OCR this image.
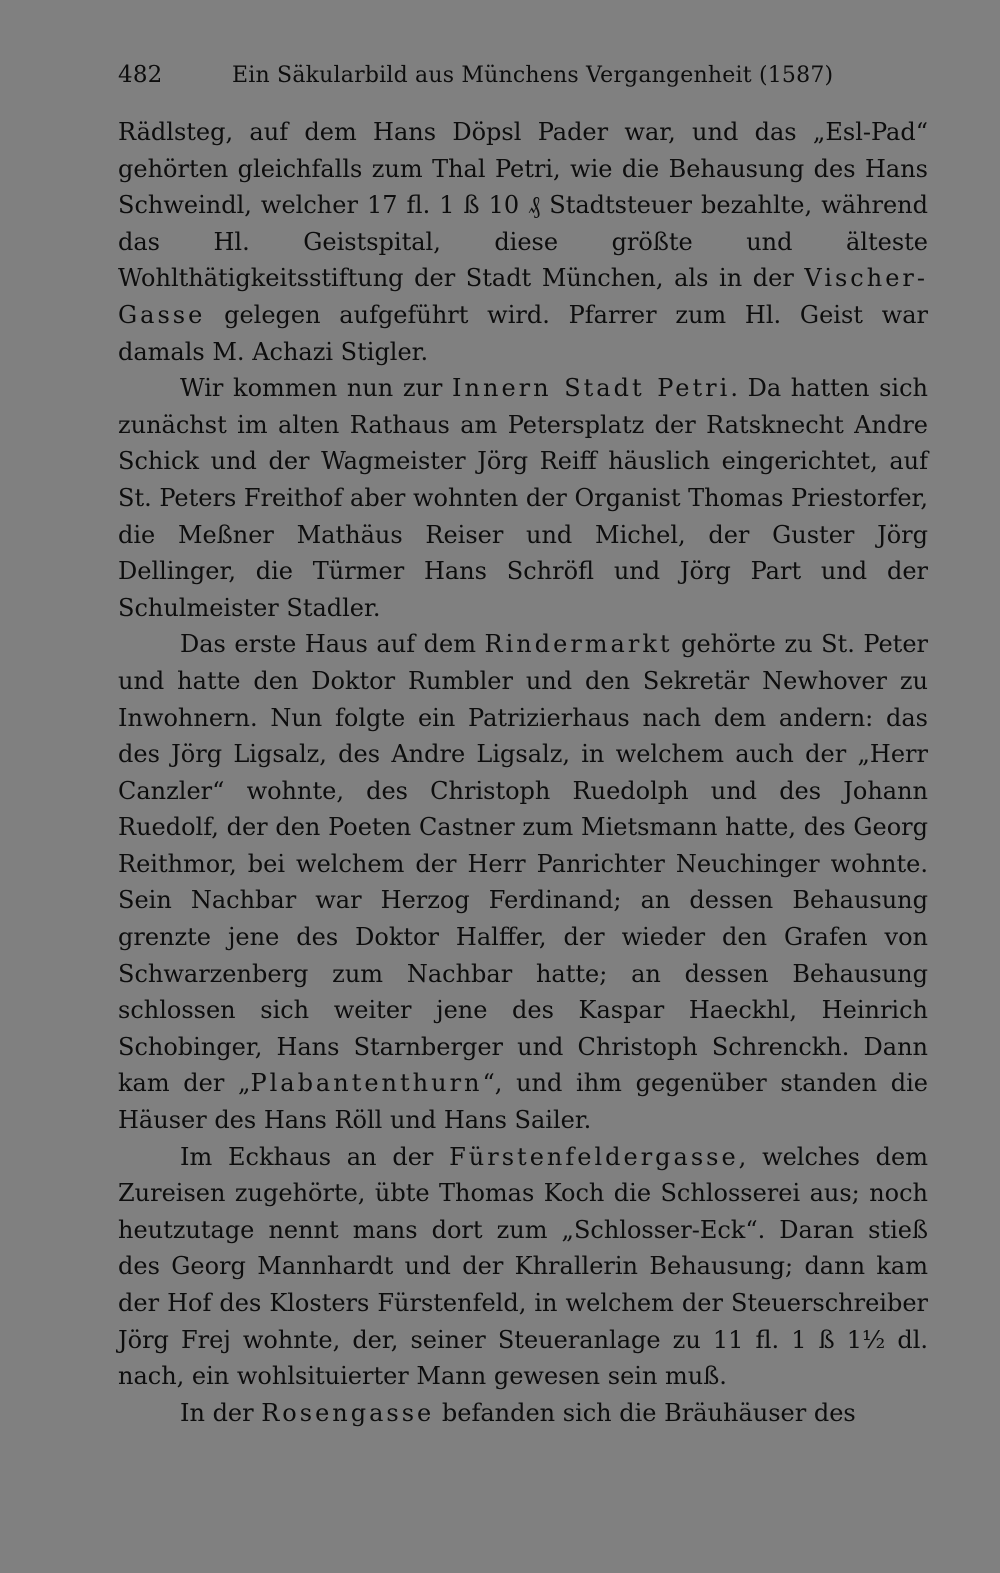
482	Ein Säkularbild aus Münchens Vergangenheit (1587)

Rädlsteg, auf dem Hans Döpsl Pader war, und das „Esl-Pad“ gehörten gleichfalls zum Thal Petri, wie die Behausung des Hans Schweindl, welcher 17 fl. 1 ß 10 ₰ Stadtsteuer bezahlte, während das Hl. Geistspital, diese größte und älteste Wohlthätigkeitsstiftung der Stadt München, als in der Vischer-Gasse gelegen aufgeführt wird. Pfarrer zum Hl. Geist war damals M. Achazi Stigler.

Wir kommen nun zur Innern Stadt Petri. Da hatten sich zunächst im alten Rathaus am Petersplatz der Ratsknecht Andre Schick und der Wagmeister Jörg Reiff häuslich eingerichtet, auf St. Peters Freithof aber wohnten der Organist Thomas Priestorfer, die Meßner Mathäus Reiser und Michel, der Guster Jörg Dellinger, die Türmer Hans Schröfl und Jörg Part und der Schulmeister Stadler.

Das erste Haus auf dem Rindermarkt gehörte zu St. Peter und hatte den Doktor Rumbler und den Sekretär Newhover zu Inwohnern. Nun folgte ein Patrizierhaus nach dem andern: das des Jörg Ligsalz, des Andre Ligsalz, in welchem auch der „Herr Canzler“ wohnte, des Christoph Ruedolph und des Johann Ruedolf, der den Poeten Castner zum Mietsmann hatte, des Georg Reithmor, bei welchem der Herr Panrichter Neuchinger wohnte. Sein Nachbar war Herzog Ferdinand; an dessen Behausung grenzte jene des Doktor Halffer, der wieder den Grafen von Schwarzenberg zum Nachbar hatte; an dessen Behausung schlossen sich weiter jene des Kaspar Haeckhl, Heinrich Schobinger, Hans Starnberger und Christoph Schrenckh. Dann kam der „Plabantenthurn“, und ihm gegenüber standen die Häuser des Hans Röll und Hans Sailer.

Im Eckhaus an der Fürstenfeldergasse, welches dem Zureisen zugehörte, übte Thomas Koch die Schlosserei aus; noch heutzutage nennt mans dort zum „Schlosser-Eck“. Daran stieß des Georg Mannhardt und der Khrallerin Behausung; dann kam der Hof des Klosters Fürstenfeld, in welchem der Steuerschreiber Jörg Frej wohnte, der, seiner Steueranlage zu 11 fl. 1 ß 1½ dl. nach, ein wohlsituierter Mann gewesen sein muß.

In der Rosengasse befanden sich die Bräuhäuser des
